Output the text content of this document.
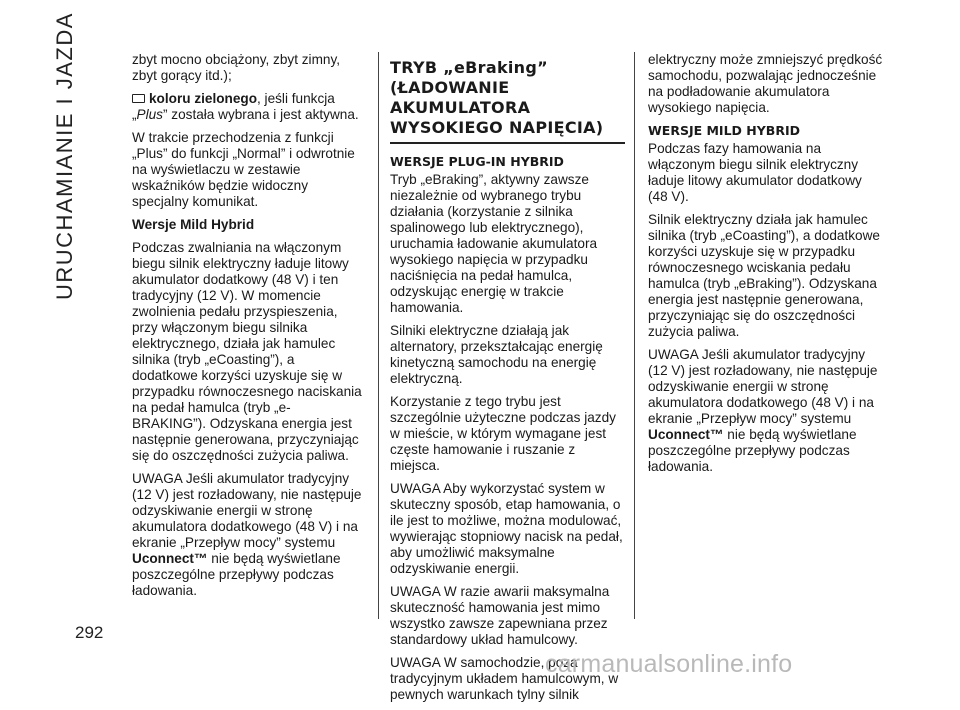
URUCHAMIANIE I JAZDA
292

zbyt mocno obciążony, zbyt zimny, zbyt gorący itd.);

koloru zielonego, jeśli funkcja „Plus” została wybrana i jest aktywna.

W trakcie przechodzenia z funkcji „Plus” do funkcji „Normal” i odwrotnie na wyświetlaczu w zestawie wskaźników będzie widoczny specjalny komunikat.

Wersje Mild Hybrid

Podczas zwalniania na włączonym biegu silnik elektryczny ładuje litowy akumulator dodatkowy (48 V) i ten tradycyjny (12 V). W momencie zwolnienia pedału przyspieszenia, przy włączonym biegu silnika elektrycznego, działa jak hamulec silnika (tryb „eCoasting”), a dodatkowe korzyści uzyskuje się w przypadku równoczesnego naciskania na pedał hamulca (tryb „e-BRAKING”). Odzyskana energia jest następnie generowana, przyczyniając się do oszczędności zużycia paliwa.

UWAGA Jeśli akumulator tradycyjny (12 V) jest rozładowany, nie następuje odzyskiwanie energii w stronę akumulatora dodatkowego (48 V) i na ekranie „Przepływ mocy” systemu Uconnect™ nie będą wyświetlane poszczególne przepływy podczas ładowania.

TRYB „eBraking” (ŁADOWANIE AKUMULATORA WYSOKIEGO NAPIĘCIA)
WERSJE PLUG-IN HYBRID

Tryb „eBraking”, aktywny zawsze niezależnie od wybranego trybu działania (korzystanie z silnika spalinowego lub elektrycznego), uruchamia ładowanie akumulatora wysokiego napięcia w przypadku naciśnięcia na pedał hamulca, odzyskując energię w trakcie hamowania.

Silniki elektryczne działają jak alternatory, przekształcając energię kinetyczną samochodu na energię elektryczną.

Korzystanie z tego trybu jest szczególnie użyteczne podczas jazdy w mieście, w którym wymagane jest częste hamowanie i ruszanie z miejsca.

UWAGA Aby wykorzystać system w skuteczny sposób, etap hamowania, o ile jest to możliwe, można modulować, wywierając stopniowy nacisk na pedał, aby umożliwić maksymalne odzyskiwanie energii.

UWAGA W razie awarii maksymalna skuteczność hamowania jest mimo wszystko zawsze zapewniana przez standardowy układ hamulcowy.

UWAGA W samochodzie, poza tradycyjnym układem hamulcowym, w pewnych warunkach tylny silnik

elektryczny może zmniejszyć prędkość samochodu, pozwalając jednocześnie na podładowanie akumulatora wysokiego napięcia.

WERSJE MILD HYBRID

Podczas fazy hamowania na włączonym biegu silnik elektryczny ładuje litowy akumulator dodatkowy (48 V).

Silnik elektryczny działa jak hamulec silnika (tryb „eCoasting”), a dodatkowe korzyści uzyskuje się w przypadku równoczesnego wciskania pedału hamulca (tryb „eBraking”). Odzyskana energia jest następnie generowana, przyczyniając się do oszczędności zużycia paliwa.

UWAGA Jeśli akumulator tradycyjny (12 V) jest rozładowany, nie następuje odzyskiwanie energii w stronę akumulatora dodatkowego (48 V) i na ekranie „Przepływ mocy” systemu Uconnect™ nie będą wyświetlane poszczególne przepływy podczas ładowania.

carmanualsonline.info
